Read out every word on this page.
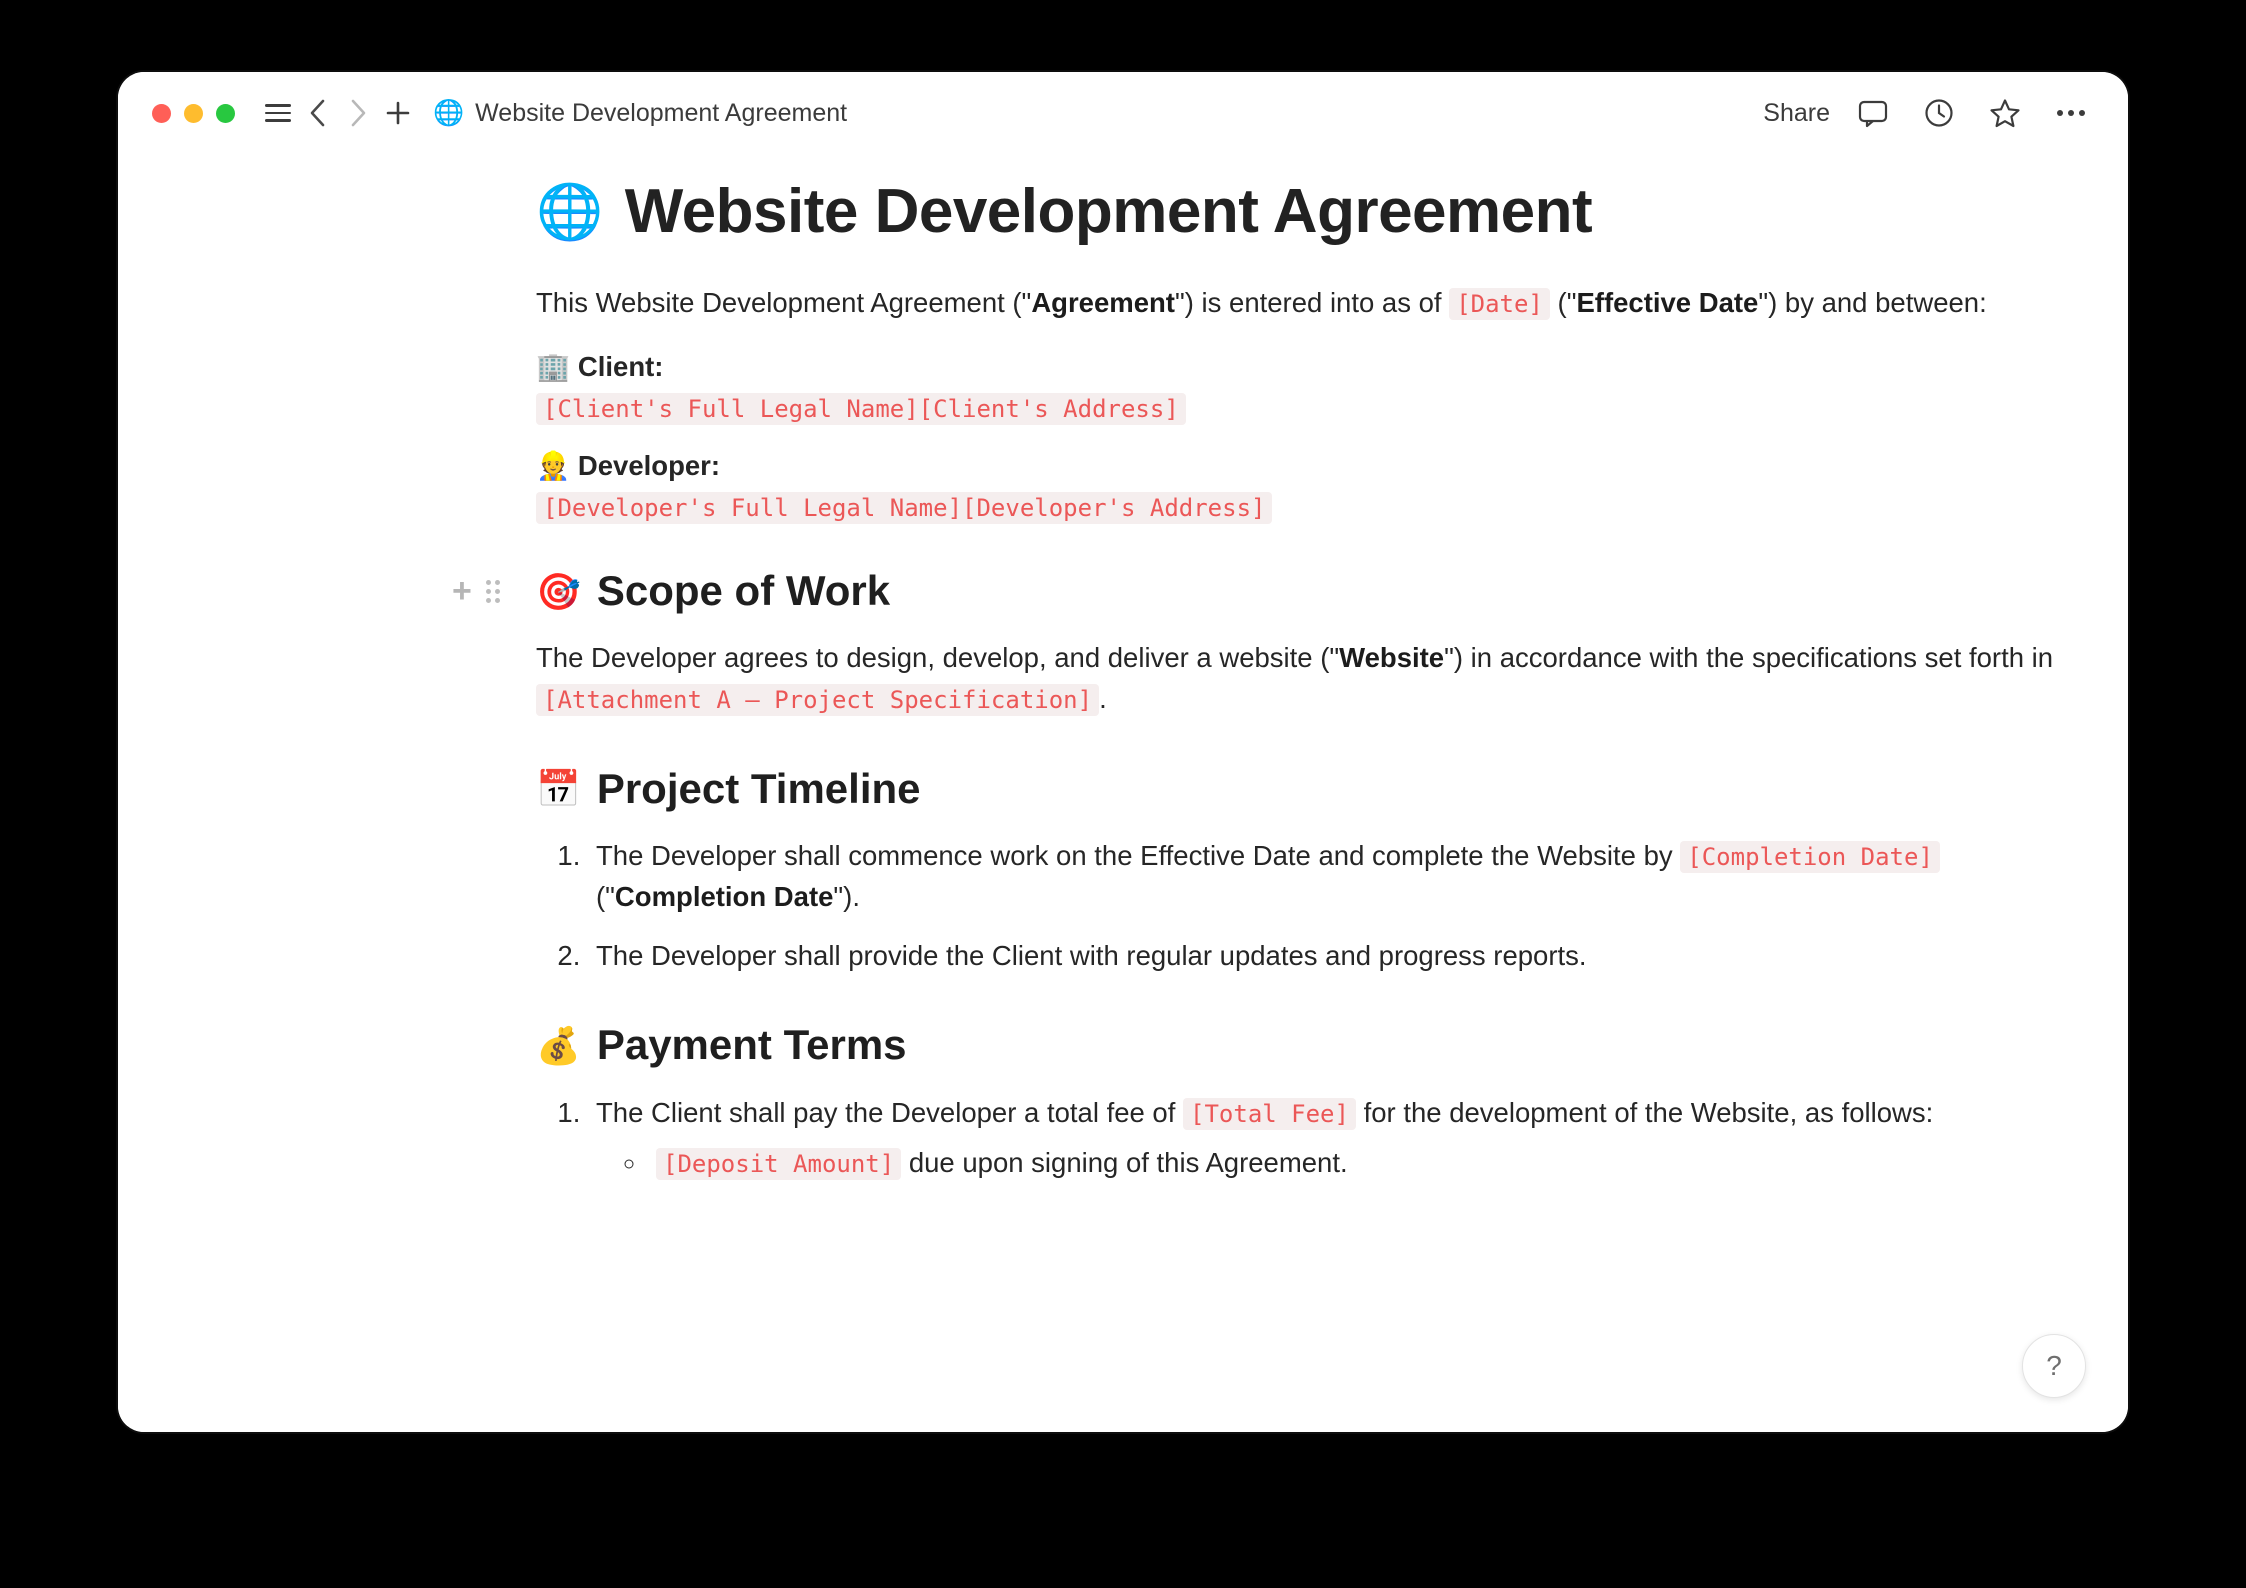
🌐 Website Development Agreement	Share
🌐 Website Development Agreement

This Website Development Agreement ("Agreement") is entered into as of [Date] ("Effective Date") by and between:

🏢 Client:

[Client's Full Legal Name][Client's Address]

👷 Developer:

[Developer's Full Legal Name][Developer's Address]

+ 🎯 Scope of Work

The Developer agrees to design, develop, and deliver a website ("Website") in accordance with the specifications set forth in [Attachment A — Project Specification] .

📅 Project Timeline
1. The Developer shall commence work on the Effective Date and complete the Website by [Completion Date] ("Completion Date").
2. The Developer shall provide the Client with regular updates and progress reports.
💰 Payment Terms
1. The Client shall pay the Developer a total fee of [Total Fee] for the development of the Website, as follows:
◦ [Deposit Amount] due upon signing of this Agreement.
?
